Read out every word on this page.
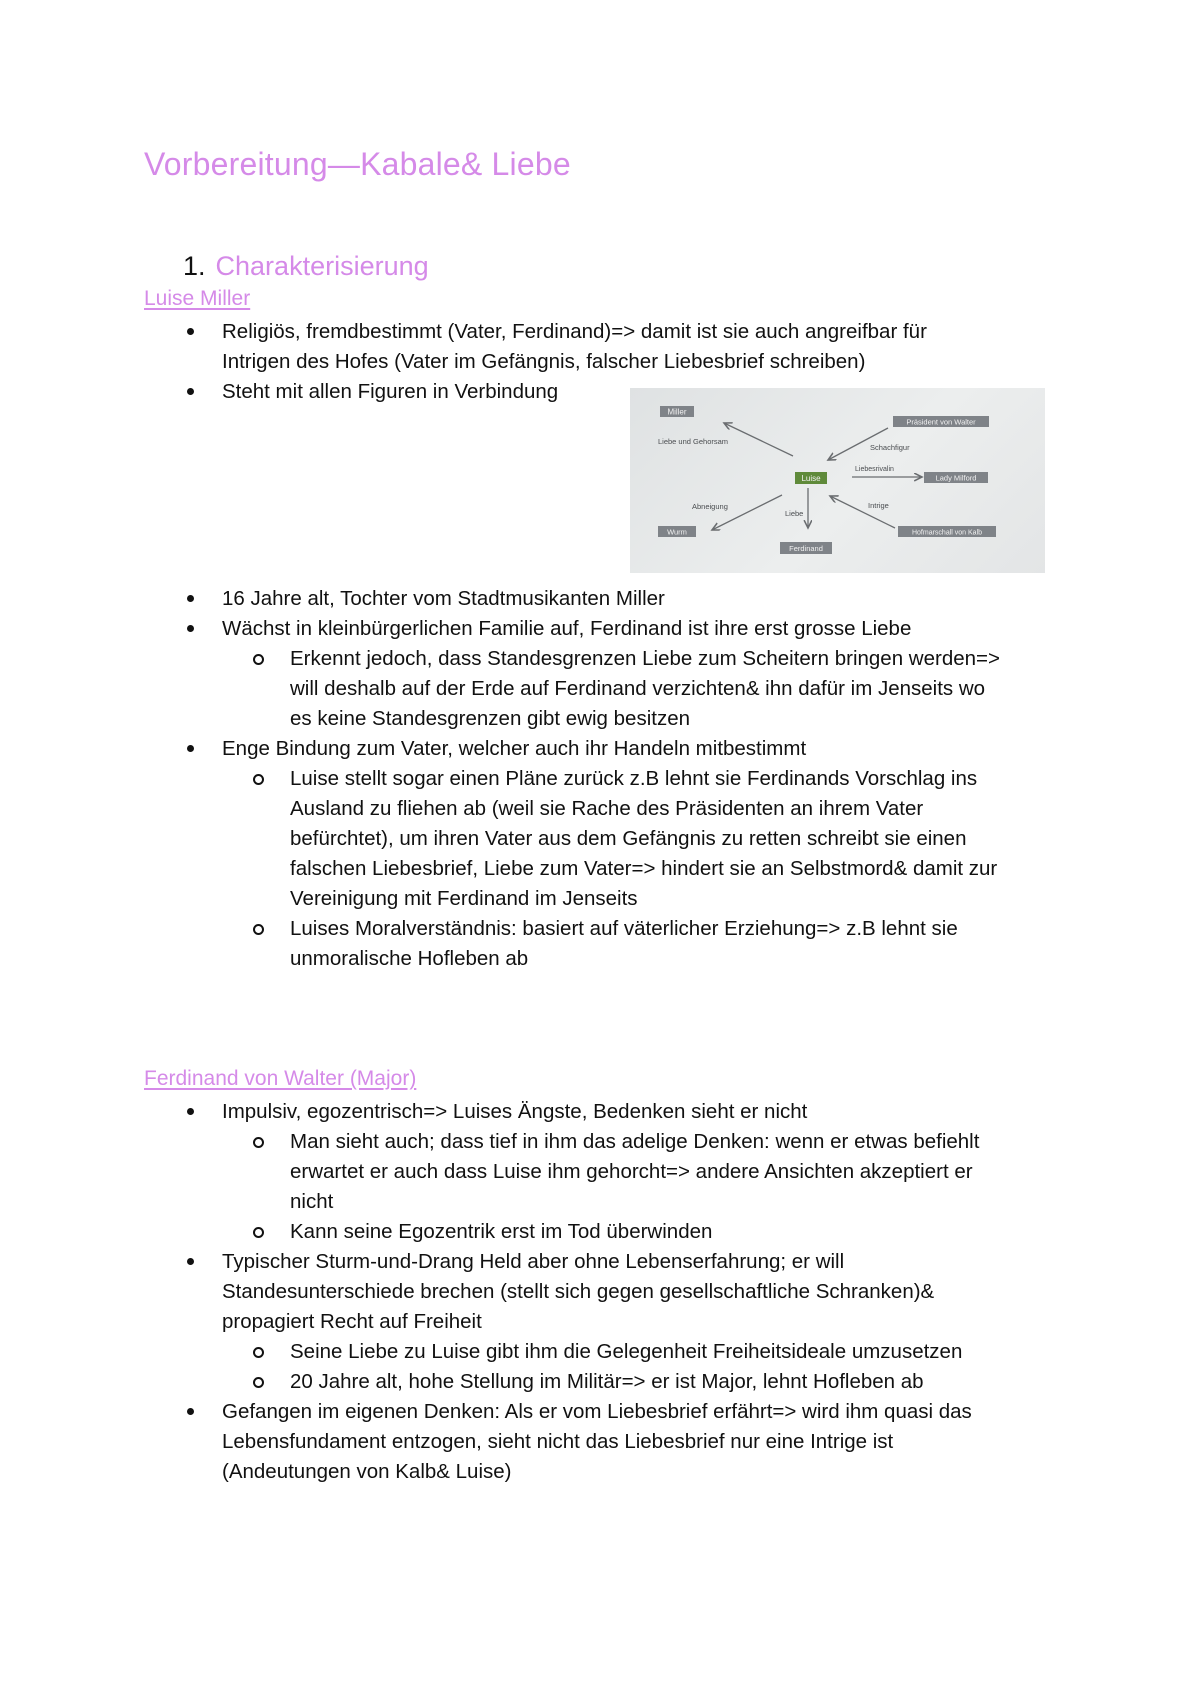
Vorbereitung—Kabale& Liebe
1. Charakterisierung
Luise Miller

Religiös, fremdbestimmt (Vater, Ferdinand)=> damit ist sie auch angreifbar für

Intrigen des Hofes (Vater im Gefängnis, falscher Liebesbrief schreiben)

Steht mit allen Figuren in Verbindung

Miller
Präsident von Walter
Luise	Lady Milford
Wurm	Hofmarschall von Kalb
Ferdinand
Liebe und Gehorsam
Schachfigur
Liebesrivalin
Abneigung
Liebe
Intrige

16 Jahre alt, Tochter vom Stadtmusikanten Miller

Wächst in kleinbürgerlichen Familie auf, Ferdinand ist ihre erst grosse Liebe

Erkennt jedoch, dass Standesgrenzen Liebe zum Scheitern bringen werden=>

will deshalb auf der Erde auf Ferdinand verzichten& ihn dafür im Jenseits wo

es keine Standesgrenzen gibt ewig besitzen

Enge Bindung zum Vater, welcher auch ihr Handeln mitbestimmt

Luise stellt sogar einen Pläne zurück z.B lehnt sie Ferdinands Vorschlag ins

Ausland zu fliehen ab (weil sie Rache des Präsidenten an ihrem Vater

befürchtet), um ihren Vater aus dem Gefängnis zu retten schreibt sie einen

falschen Liebesbrief, Liebe zum Vater=> hindert sie an Selbstmord& damit zur

Vereinigung mit Ferdinand im Jenseits

Luises Moralverständnis: basiert auf väterlicher Erziehung=> z.B lehnt sie

unmoralische Hofleben ab

Ferdinand von Walter (Major)

Impulsiv, egozentrisch=> Luises Ängste, Bedenken sieht er nicht

Man sieht auch; dass tief in ihm das adelige Denken: wenn er etwas befiehlt

erwartet er auch dass Luise ihm gehorcht=> andere Ansichten akzeptiert er

nicht

Kann seine Egozentrik erst im Tod überwinden

Typischer Sturm-und-Drang Held aber ohne Lebenserfahrung; er will

Standesunterschiede brechen (stellt sich gegen gesellschaftliche Schranken)&

propagiert Recht auf Freiheit

Seine Liebe zu Luise gibt ihm die Gelegenheit Freiheitsideale umzusetzen

20 Jahre alt, hohe Stellung im Militär=> er ist Major, lehnt Hofleben ab

Gefangen im eigenen Denken: Als er vom Liebesbrief erfährt=> wird ihm quasi das

Lebensfundament entzogen, sieht nicht das Liebesbrief nur eine Intrige ist

(Andeutungen von Kalb& Luise)
